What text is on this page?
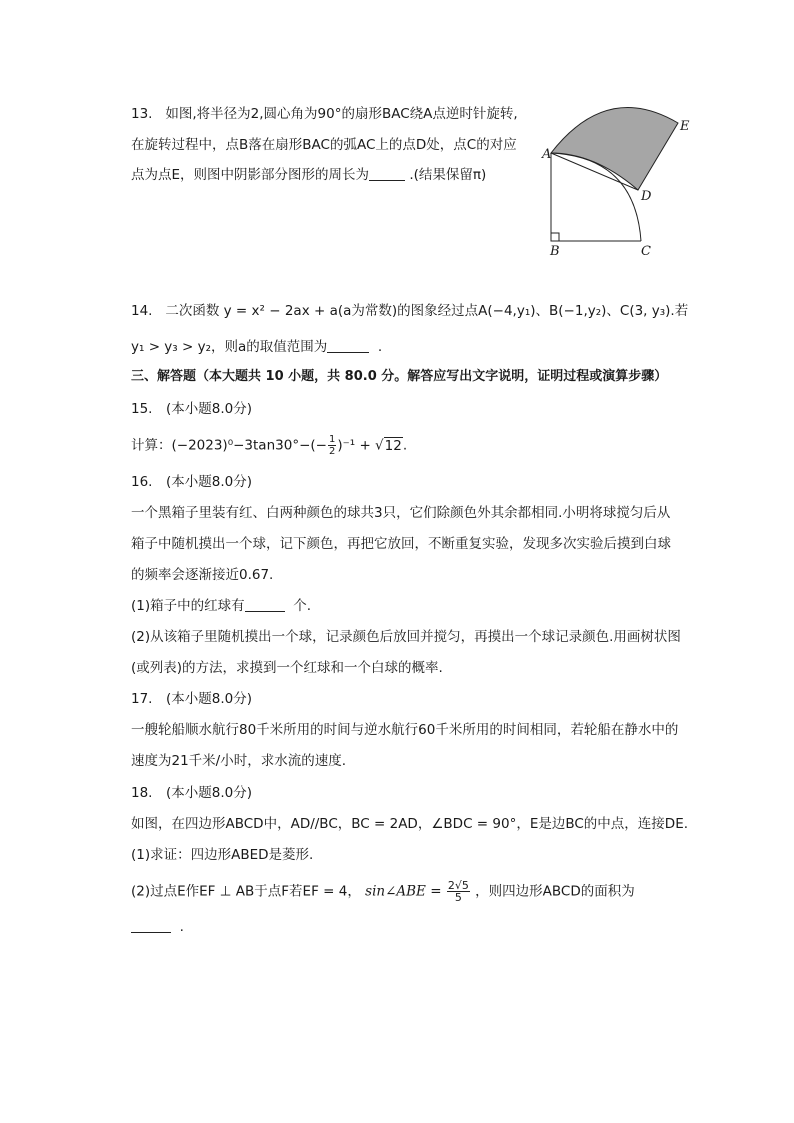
13. 如图,将半径为2,圆心角为90°的扇形BAC绕A点逆时针旋转,
在旋转过程中，点B落在扇形BAC的弧AC上的点D处，点C的对应
点为点E，则图中阴影部分图形的周长为	.(结果保留π)
A
B	C
D
E
14. 二次函数 y = x² − 2ax + a(a为常数)的图象经过点A(−4,y₁)、B(−1,y₂)、C(3, y₃).若
y₁ > y₃ > y₂，则a的取值范围为	.
三、解答题（本大题共 10 小题，共 80.0 分。解答应写出文字说明，证明过程或演算步骤）
15.　(本小题8.0分)
计算：$(-2023)^0-3\tan 30^\circ-(- \frac{1}{2} )^{-1} + √12$.
16.　(本小题8.0分)
一个黑箱子里装有红、白两种颜色的球共3只，它们除颜色外其余都相同.小明将球搅匀后从
箱子中随机摸出一个球，记下颜色，再把它放回，不断重复实验，发现多次实验后摸到白球
的频率会逐渐接近0.67.
(1)箱子中的红球有	个.
(2)从该箱子里随机摸出一个球，记录颜色后放回并搅匀，再摸出一个球记录颜色.用画树状图
(或列表)的方法，求摸到一个红球和一个白球的概率.
17.　(本小题8.0分)
一艘轮船顺水航行80千米所用的时间与逆水航行60千米所用的时间相同，若轮船在静水中的
速度为21千米/小时，求水流的速度.
18.　(本小题8.0分)
如图，在四边形ABCD中，AD//BC，BC = 2AD，∠BDC = 90°，E是边BC的中点，连接DE.
(1)求证：四边形ABED是菱形.
(2)过点E作EF ⊥ AB于点F若EF = 4， sin∠ABE = $\frac{2√5}{5}$ ，则四边形ABCD的面积为
.
